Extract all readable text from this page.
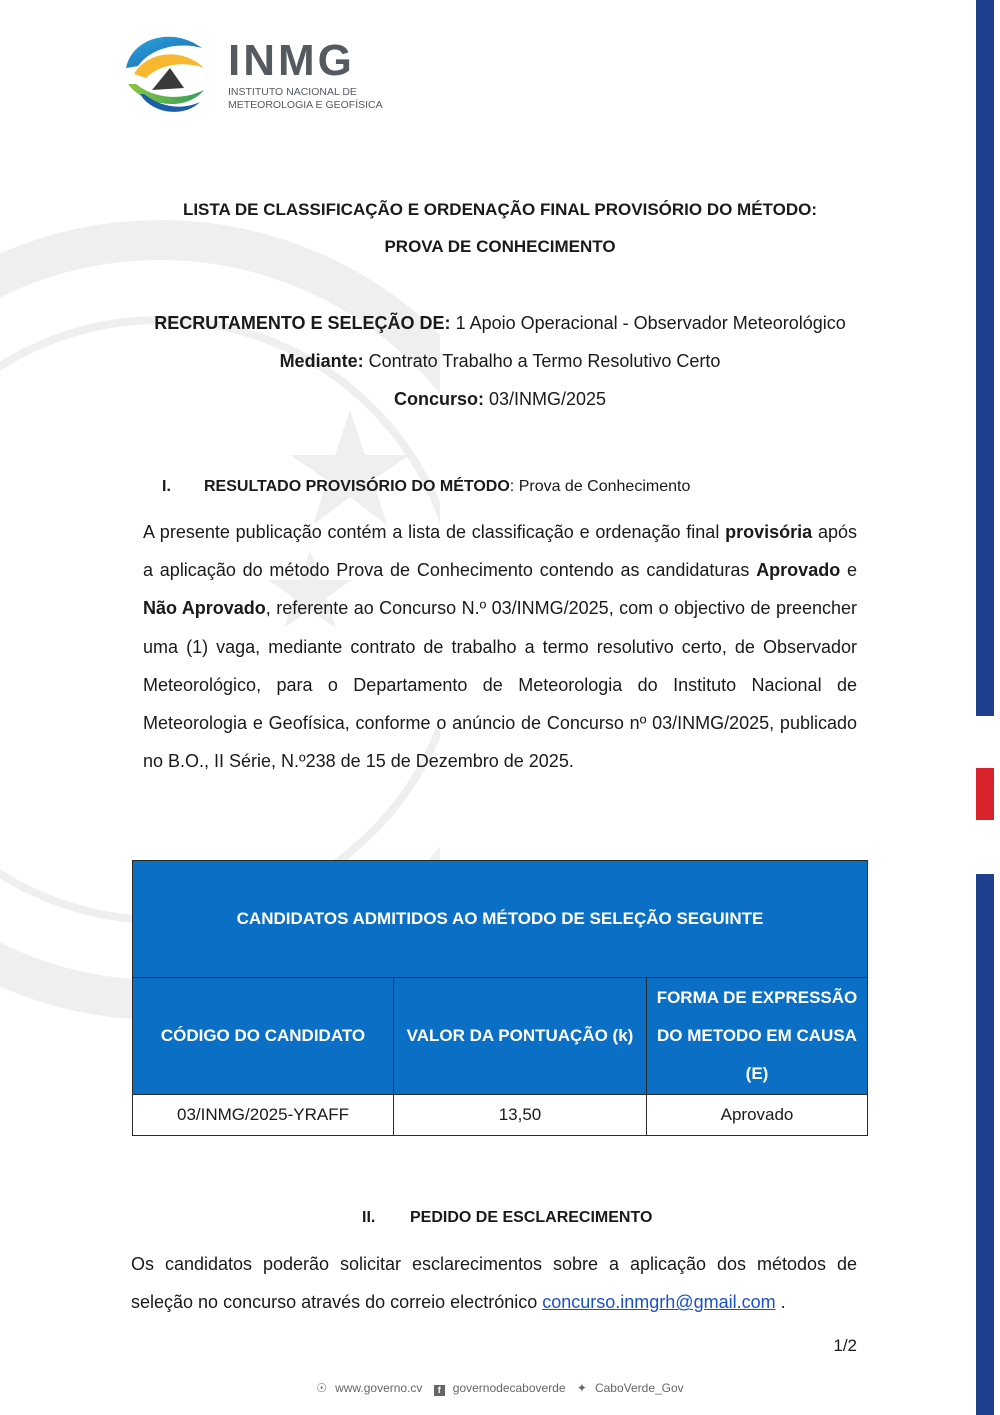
INMG
INSTITUTO NACIONAL DE
METEOROLOGIA E GEOFÍSICA
LISTA DE CLASSIFICAÇÃO E ORDENAÇÃO FINAL PROVISÓRIO DO MÉTODO:
PROVA DE CONHECIMENTO
RECRUTAMENTO E SELEÇÃO DE: 1 Apoio Operacional - Observador Meteorológico
Mediante: Contrato Trabalho a Termo Resolutivo Certo
Concurso: 03/INMG/2025
I. RESULTADO PROVISÓRIO DO MÉTODO: Prova de Conhecimento
A presente publicação contém a lista de classificação e ordenação final provisória após a aplicação do método Prova de Conhecimento contendo as candidaturas Aprovado e Não Aprovado, referente ao Concurso N.º 03/INMG/2025, com o objectivo de preencher uma (1) vaga, mediante contrato de trabalho a termo resolutivo certo, de Observador Meteorológico, para o Departamento de Meteorologia do Instituto Nacional de Meteorologia e Geofísica, conforme o anúncio de Concurso nº 03/INMG/2025, publicado no B.O., II Série, N.º238 de 15 de Dezembro de 2025.
CANDIDATOS ADMITIDOS AO MÉTODO DE SELEÇÃO SEGUINTE		
CÓDIGO DO CANDIDATO	VALOR DA PONTUAÇÃO (k)	FORMA DE EXPRESSÃO DO METODO EM CAUSA (E)
03/INMG/2025-YRAFF	13,50	Aprovado
II. PEDIDO DE ESCLARECIMENTO
Os candidatos poderão solicitar esclarecimentos sobre a aplicação dos métodos de seleção no concurso através do correio electrónico concurso.inmgrh@gmail.com .
1/2
☉ www.governo.cv f governodecaboverde ✦ CaboVerde_Gov
